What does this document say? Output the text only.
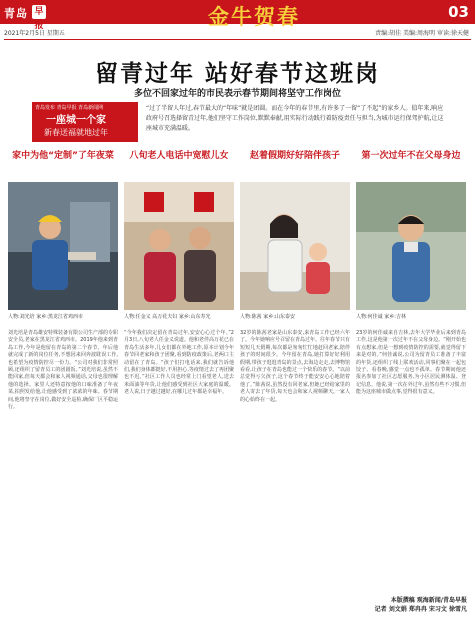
青岛 早报	金牛贺春	03
2021年2月5日 星期五	责编:胡佳 美编:周海明 审读:徐天健
留青过年 站好春节这班岗
多位不回家过年的市民表示春节期间将坚守工作岗位
青岛发布 青岛早报 青岛新闻网
一座城一个家
新春送福就地过年
“过了半留人年过,春节最大的“年味”就是团圆。而在今年的春节里,有许多了一留“了不起”的家乡人。值年来,响应政府号召选择留青过年,他们坚守工作岗位,默默奉献,用实际行动践行着防疫责任与担当,为城市运行保驾护航,让这座城市充满温暖。
家中为他“定制”了年夜菜
人物:刘光培 家乡:黑龙江省鸡西市
八旬老人电话中宽慰儿女
人物:任金义 高万花夫妇 家乡:山东寿光
赵着假期好好陪伴孩子
人物:陈茜 家乡:山东泰安
第一次过年不在父母身边
人物:何佳诚 家乡:吉林
刘光培是青岛雄安特殊装备有限公司生产部的专职安全员,老家在黑龙江省鸡西市。2019年他来到青岛工作,今年是他留在青岛的第二个春节。年后他就完成了新的岗位任务,不想因来回奔波耽误工作,也希望为疫情防控尽一份力。“公司对我们非常照顾,还组织了留青员工的团圆饭。”刘光培说,虽然不能回家,但每天都会和家人视频通话,父母也很理解他的选择。家里人还特意按他的口味准备了年夜菜,拍照发给他,让他感受到了浓浓的年味。春节期间,他将坚守在岗位,做好安全巡检,确保厂区平稳运行。
“今年我们决定留在青岛过年,安安心心过个年。”2月3日,八旬老人任金义说道。他和老伴高万花已在青岛生活多年,儿女们都在外地工作,原本计划今年春节回老家和孩子团聚,看到防疫政策后,老两口主动留在了青岛。“孩子们打电话来,我们就告诉他们,我们身体都挺好,不用担心,等疫情过去了再团聚也不迟。”社区工作人员也经常上门看望老人,送去米面油等年货,让他们感受到社区大家庭的温暖。老人说,日子越过越好,在哪儿过年都是幸福年。
32岁的陈茜老家是山东泰安,来青岛工作已经六年了。今年她响应号召留在青岛过年。往年春节只有短短几天假期,每次都是匆匆忙忙地赶回老家,陪伴孩子的时间很少。今年留在青岛,她打算好好利用假期,带孩子逛逛青岛的景点,去海边走走,去博物馆看看,让孩子在青岛也能过一个快乐的春节。“以前总觉得亏欠孩子,这个春节终于能安安心心地陪着他了。”陈茜说,虽然没有回老家,但她已经给家里的老人寄去了年货,每天也会和家人视频聊天,一家人的心始终在一起。
23岁的何佳诚来自吉林,去年大学毕业后来到青岛工作,这是他第一次过年不在父母身边。“刚开始也有点想家,但是一想到疫情防控的需要,就觉得留下来是对的。”何佳诚说,公司为留青员工准备了丰富的年货,还组织了线上联欢活动,同事们聚在一起包饺子、看春晚,感觉一点也不孤单。春节期间他还报名参加了社区志愿服务,为小区居民测体温、登记信息。他说,第一次在外过年,虽然有些不习惯,但能为这座城市做点事,觉得很有意义。
本版撰稿 观海新闻/青岛早报
记者 刘文娟 郑冉冉 宋习文 徐雪凡
